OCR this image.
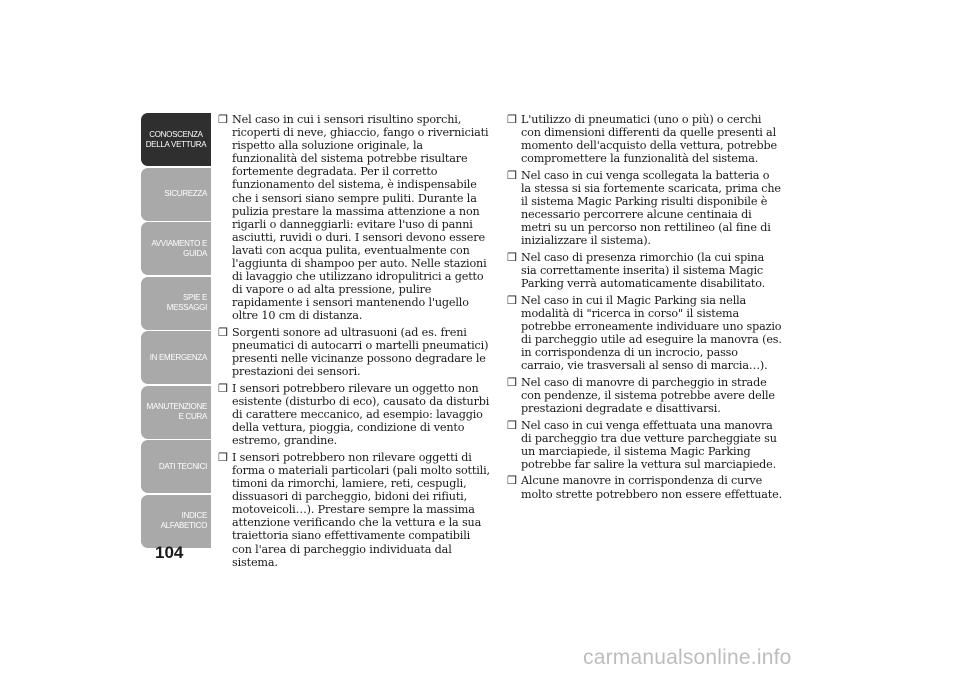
CONOSCENZA DELLA VETTURA
SICUREZZA
AVVIAMENTO E GUIDA
SPIE E MESSAGGI
IN EMERGENZA
MANUTENZIONE E CURA
DATI TECNICI
INDICE ALFABETICO
104

❒ Nel caso in cui i sensori risultino sporchi, ricoperti di neve, ghiaccio, fango o riverniciati rispetto alla soluzione originale, la funzionalità del sistema potrebbe risultare fortemente degradata. Per il corretto funzionamento del sistema, è indispensabile che i sensori siano sempre puliti. Durante la pulizia prestare la massima attenzione a non rigarli o danneggiarli: evitare l'uso di panni asciutti, ruvidi o duri. I sensori devono essere lavati con acqua pulita, eventualmente con l'aggiunta di shampoo per auto. Nelle stazioni di lavaggio che utilizzano idropulitrici a getto di vapore o ad alta pressione, pulire rapidamente i sensori mantenendo l'ugello oltre 10 cm di distanza.

❒ Sorgenti sonore ad ultrasuoni (ad es. freni pneumatici di autocarri o martelli pneumatici) presenti nelle vicinanze possono degradare le prestazioni dei sensori.

❒ I sensori potrebbero rilevare un oggetto non esistente (disturbo di eco), causato da disturbi di carattere meccanico, ad esempio: lavaggio della vettura, pioggia, condizione di vento estremo, grandine.

❒ I sensori potrebbero non rilevare oggetti di forma o materiali particolari (pali molto sottili, timoni da rimorchi, lamiere, reti, cespugli, dissuasori di parcheggio, bidoni dei rifiuti, motoveicoli…). Prestare sempre la massima attenzione verificando che la vettura e la sua traiettoria siano effettivamente compatibili con l'area di parcheggio individuata dal sistema.

❒ L'utilizzo di pneumatici (uno o più) o cerchi con dimensioni differenti da quelle presenti al momento dell'acquisto della vettura, potrebbe compromettere la funzionalità del sistema.

❒ Nel caso in cui venga scollegata la batteria o la stessa si sia fortemente scaricata, prima che il sistema Magic Parking risulti disponibile è necessario percorrere alcune centinaia di metri su un percorso non rettilineo (al fine di inizializzare il sistema).

❒ Nel caso di presenza rimorchio (la cui spina sia correttamente inserita) il sistema Magic Parking verrà automaticamente disabilitato.

❒ Nel caso in cui il Magic Parking sia nella modalità di "ricerca in corso" il sistema potrebbe erroneamente individuare uno spazio di parcheggio utile ad eseguire la manovra (es. in corrispondenza di un incrocio, passo carraio, vie trasversali al senso di marcia…).

❒ Nel caso di manovre di parcheggio in strade con pendenze, il sistema potrebbe avere delle prestazioni degradate e disattivarsi.

❒ Nel caso in cui venga effettuata una manovra di parcheggio tra due vetture parcheggiate su un marciapiede, il sistema Magic Parking potrebbe far salire la vettura sul marciapiede.

❒ Alcune manovre in corrispondenza di curve molto strette potrebbero non essere effettuate.

carmanualsonline.info
